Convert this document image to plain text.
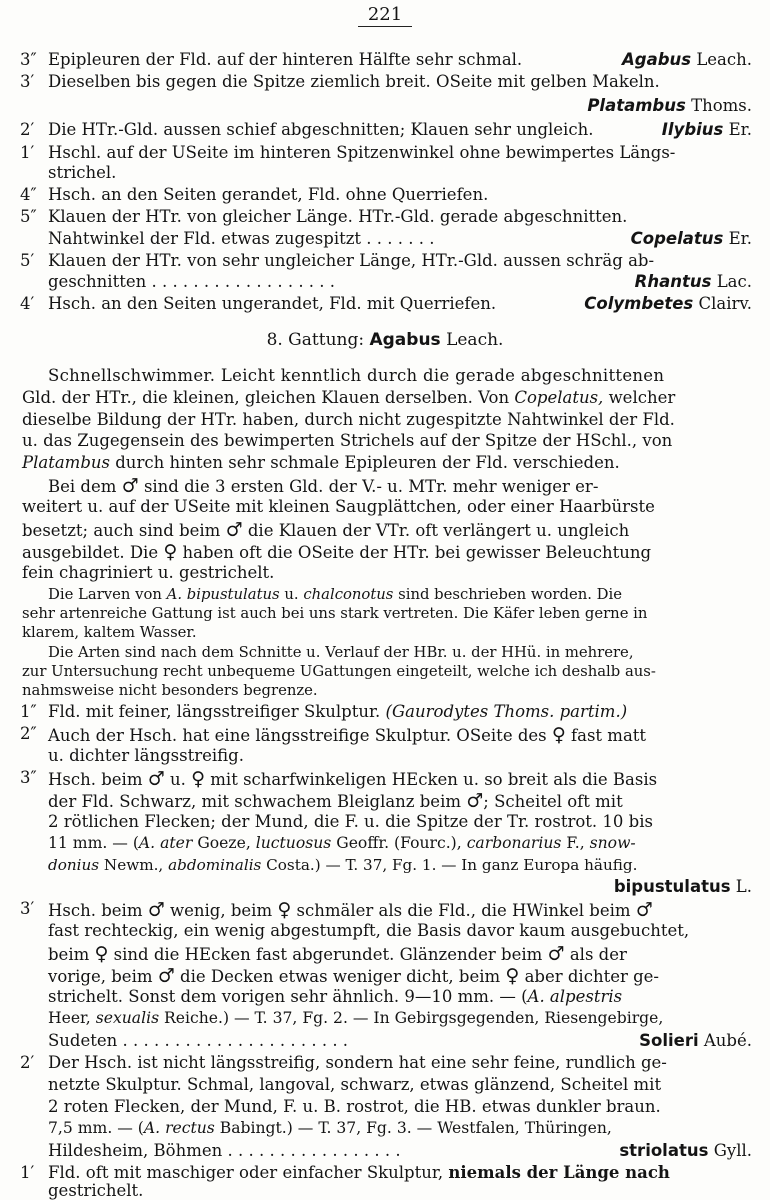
221
3″ Epipleuren der Fld. auf der hinteren Hälfte sehr schmal.	Agabus Leach.
3′ Dieselben bis gegen die Spitze ziemlich breit. OSeite mit gelben Makeln.
Platambus Thoms.
2′ Die HTr.-Gld. aussen schief abgeschnitten; Klauen sehr ungleich.	Ilybius Er.
1′ Hschl. auf der USeite im hinteren Spitzenwinkel ohne bewimpertes Längs-
strichel.
4″ Hsch. an den Seiten gerandet, Fld. ohne Querriefen.
5″ Klauen der HTr. von gleicher Länge. HTr.-Gld. gerade abgeschnitten.
Nahtwinkel der Fld. etwas zugespitzt . . . . . . .	Copelatus Er.
5′ Klauen der HTr. von sehr ungleicher Länge, HTr.-Gld. aussen schräg ab-
geschnitten . . . . . . . . . . . . . . . . . .	Rhantus Lac.
4′ Hsch. an den Seiten ungerandet, Fld. mit Querriefen.	Colymbetes Clairv.
8. Gattung: Agabus Leach.
Schnellschwimmer. Leicht kenntlich durch die gerade abgeschnittenen
Gld. der HTr., die kleinen, gleichen Klauen derselben. Von Copelatus, welcher
dieselbe Bildung der HTr. haben, durch nicht zugespitzte Nahtwinkel der Fld.
u. das Zugegensein des bewimperten Strichels auf der Spitze der HSchl., von
Platambus durch hinten sehr schmale Epipleuren der Fld. verschieden.
Bei dem ♂ sind die 3 ersten Gld. der V.- u. MTr. mehr weniger er-
weitert u. auf der USeite mit kleinen Saugplättchen, oder einer Haarbürste
besetzt; auch sind beim ♂ die Klauen der VTr. oft verlängert u. ungleich
ausgebildet. Die ♀ haben oft die OSeite der HTr. bei gewisser Beleuchtung
fein chagriniert u. gestrichelt.
Die Larven von A. bipustulatus u. chalconotus sind beschrieben worden. Die
sehr artenreiche Gattung ist auch bei uns stark vertreten. Die Käfer leben gerne in
klarem, kaltem Wasser.
Die Arten sind nach dem Schnitte u. Verlauf der HBr. u. der HHü. in mehrere,
zur Untersuchung recht unbequeme UGattungen eingeteilt, welche ich deshalb aus-
nahmsweise nicht besonders begrenze.
1″ Fld. mit feiner, längsstreifiger Skulptur. (Gaurodytes Thoms. partim.)
2″ Auch der Hsch. hat eine längsstreifige Skulptur. OSeite des ♀ fast matt
u. dichter längsstreifig.
3″ Hsch. beim ♂ u. ♀ mit scharfwinkeligen HEcken u. so breit als die Basis
der Fld. Schwarz, mit schwachem Bleiglanz beim ♂; Scheitel oft mit
2 rötlichen Flecken; der Mund, die F. u. die Spitze der Tr. rostrot. 10 bis
11 mm. — (A. ater Goeze, luctuosus Geoffr. (Fourc.), carbonarius F., snow-
donius Newm., abdominalis Costa.) — T. 37, Fg. 1. — In ganz Europa häufig.
bipustulatus L.
3′ Hsch. beim ♂ wenig, beim ♀ schmäler als die Fld., die HWinkel beim ♂
fast rechteckig, ein wenig abgestumpft, die Basis davor kaum ausgebuchtet,
beim ♀ sind die HEcken fast abgerundet. Glänzender beim ♂ als der
vorige, beim ♂ die Decken etwas weniger dicht, beim ♀ aber dichter ge-
strichelt. Sonst dem vorigen sehr ähnlich. 9—10 mm. — (A. alpestris
Heer, sexualis Reiche.) — T. 37, Fg. 2. — In Gebirgsgegenden, Riesengebirge,
Sudeten . . . . . . . . . . . . . . . . . . . . . .	Solieri Aubé.
2′ Der Hsch. ist nicht längsstreifig, sondern hat eine sehr feine, rundlich ge-
netzte Skulptur. Schmal, langoval, schwarz, etwas glänzend, Scheitel mit
2 roten Flecken, der Mund, F. u. B. rostrot, die HB. etwas dunkler braun.
7,5 mm. — (A. rectus Babingt.) — T. 37, Fg. 3. — Westfalen, Thüringen,
Hildesheim, Böhmen . . . . . . . . . . . . . . . . .	striolatus Gyll.
1′ Fld. oft mit maschiger oder einfacher Skulptur, niemals der Länge nach
gestrichelt.
